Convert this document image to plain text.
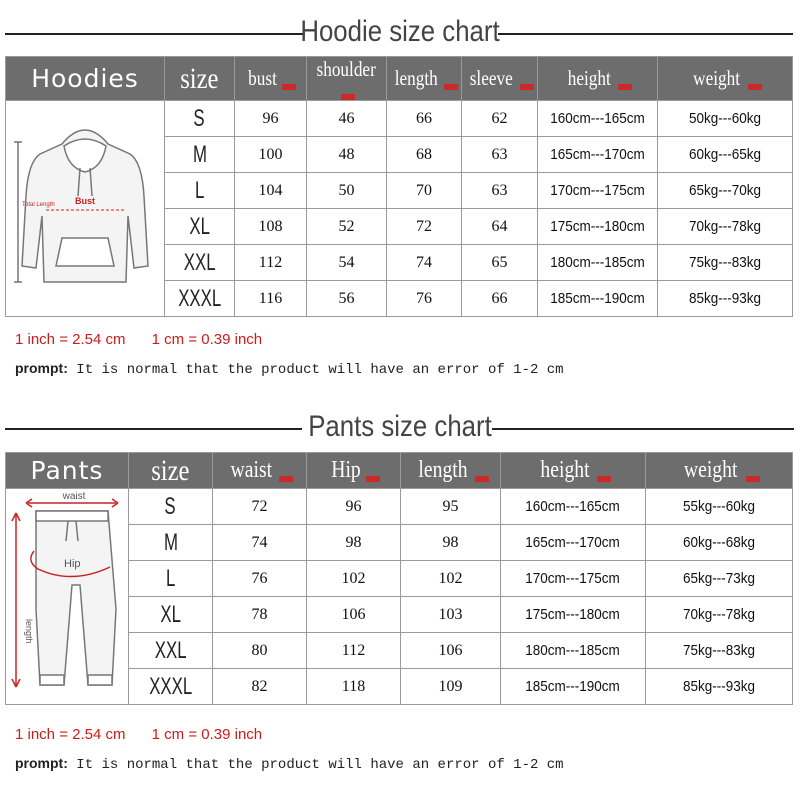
Hoodie size chart
Hoodies	size	bust	shoulder	length	sleeve	height	weight

Bust
Total Length	S	96	46	66	62	160cm---165cm	50kg---60kg
	M	100	48	68	63	165cm---170cm	60kg---65kg
	L	104	50	70	63	170cm---175cm	65kg---70kg
	XL	108	52	72	64	175cm---180cm	70kg---78kg
	XXL	112	54	74	65	180cm---185cm	75kg---83kg
	XXXL	116	56	76	66	185cm---190cm	85kg---93kg
1 inch = 2.54 cm 1 cm = 0.39 inch
prompt: It is normal that the product will have an error of 1-2 cm
Pants size chart
Pants	size	waist	Hip	length	height	weight

waist
Hip
length	S	72	96	95	160cm---165cm	55kg---60kg
	M	74	98	98	165cm---170cm	60kg---68kg
	L	76	102	102	170cm---175cm	65kg---73kg
	XL	78	106	103	175cm---180cm	70kg---78kg
	XXL	80	112	106	180cm---185cm	75kg---83kg
	XXXL	82	118	109	185cm---190cm	85kg---93kg
1 inch = 2.54 cm 1 cm = 0.39 inch
prompt: It is normal that the product will have an error of 1-2 cm
